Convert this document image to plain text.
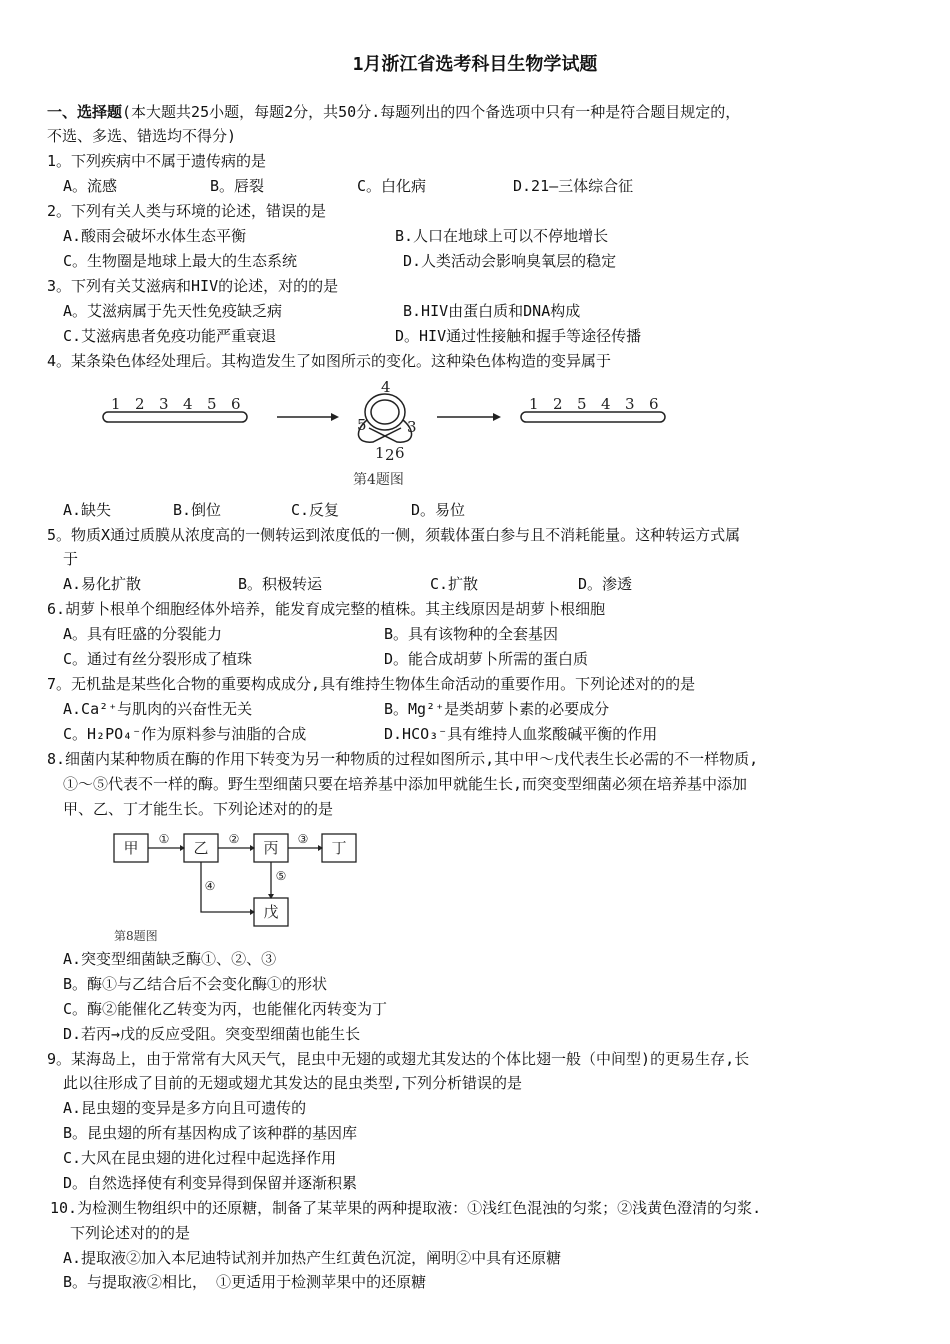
1月浙江省选考科目生物学试题
一、选择题(本大题共25小题，每题2分，共50分.每题列出的四个备选项中只有一种是符合题目规定的，
不选、多选、错选均不得分)
1。下列疾病中不属于遗传病的是
A。流感	B。唇裂	C。白化病	D.21—三体综合征
2。下列有关人类与环境的论述，错误的是
A.酸雨会破坏水体生态平衡	B.人口在地球上可以不停地增长
C。生物圈是地球上最大的生态系统	D.人类活动会影响臭氧层的稳定
3。下列有关艾滋病和HIV的论述，对的的是
A。艾滋病属于先天性免疫缺乏病	B.HIV由蛋白质和DNA构成
C.艾滋病患者免疫功能严重衰退	D。HIV通过性接触和握手等途径传播
4。某条染色体经处理后。其构造发生了如图所示的变化。这种染色体构造的变异属于
1 2 3 4 5 6
4
5	3
1 2 6
第4题图
1 2 5 4 3 6
A.缺失	B.倒位	C.反复	D。易位
5。物质X通过质膜从浓度高的一侧转运到浓度低的一侧，须载体蛋白参与且不消耗能量。这种转运方式属
于
A.易化扩散	B。积极转运	C.扩散	D。渗透
6.胡萝卜根单个细胞经体外培养，能发育成完整的植株。其主线原因是胡萝卜根细胞
A。具有旺盛的分裂能力	B。具有该物种的全套基因
C。通过有丝分裂形成了植珠	D。能合成胡萝卜所需的蛋白质
7。无机盐是某些化合物的重要构成成分,具有维持生物体生命活动的重要作用。下列论述对的的是
A.Ca²⁺与肌肉的兴奋性无关	B。Mg²⁺是类胡萝卜素的必要成分
C。H₂PO₄⁻作为原料参与油脂的合成	D.HCO₃⁻具有维持人血浆酸碱平衡的作用
8.细菌内某种物质在酶的作用下转变为另一种物质的过程如图所示,其中甲～戊代表生长必需的不一样物质,
①～⑤代表不一样的酶。野生型细菌只要在培养基中添加甲就能生长,而突变型细菌必须在培养基中添加
甲、乙、丁才能生长。下列论述对的的是
甲	乙	丙	丁
戊
①	②	③
④
⑤
第8题图
A.突变型细菌缺乏酶①、②、③
B。酶①与乙结合后不会变化酶①的形状
C。酶②能催化乙转变为丙，也能催化丙转变为丁
D.若丙→戊的反应受阻。突变型细菌也能生长
9。某海岛上，由于常常有大风天气，昆虫中无翅的或翅尤其发达的个体比翅一般（中间型)的更易生存,长
此以往形成了目前的无翅或翅尤其发达的昆虫类型,下列分析错误的是
A.昆虫翅的变异是多方向且可遗传的
B。昆虫翅的所有基因构成了该种群的基因库
C.大风在昆虫翅的进化过程中起选择作用
D。自然选择使有利变异得到保留并逐渐积累
10.为检测生物组织中的还原糖，制备了某苹果的两种提取液：①浅红色混浊的匀浆；②浅黄色澄清的匀浆.
下列论述对的的是
A.提取液②加入本尼迪特试剂并加热产生红黄色沉淀，阐明②中具有还原糖
B。与提取液②相比， ①更适用于检测苹果中的还原糖
